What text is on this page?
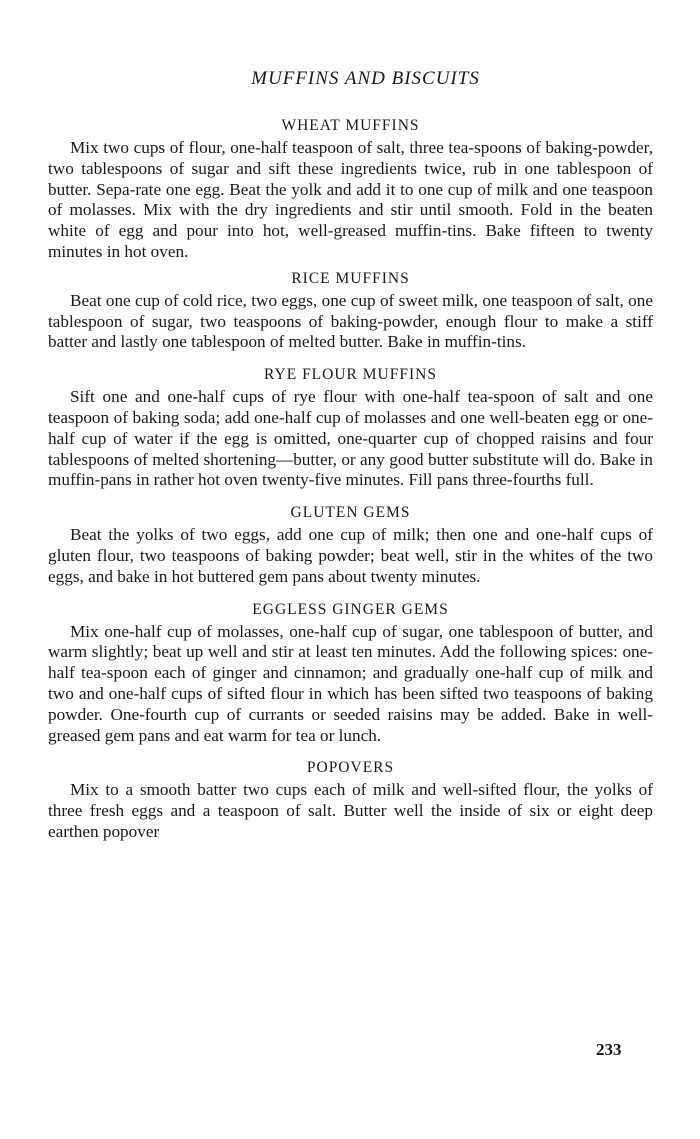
MUFFINS AND BISCUITS
WHEAT MUFFINS

Mix two cups of flour, one-half teaspoon of salt, three tea-spoons of baking-powder, two tablespoons of sugar and sift these ingredients twice, rub in one tablespoon of butter. Sepa-rate one egg. Beat the yolk and add it to one cup of milk and one teaspoon of molasses. Mix with the dry ingredients and stir until smooth. Fold in the beaten white of egg and pour into hot, well-greased muffin-tins. Bake fifteen to twenty minutes in hot oven.

RICE MUFFINS

Beat one cup of cold rice, two eggs, one cup of sweet milk, one teaspoon of salt, one tablespoon of sugar, two teaspoons of baking-powder, enough flour to make a stiff batter and lastly one tablespoon of melted butter. Bake in muffin-tins.

RYE FLOUR MUFFINS

Sift one and one-half cups of rye flour with one-half tea-spoon of salt and one teaspoon of baking soda; add one-half cup of molasses and one well-beaten egg or one-half cup of water if the egg is omitted, one-quarter cup of chopped raisins and four tablespoons of melted shortening—butter, or any good butter substitute will do. Bake in muffin-pans in rather hot oven twenty-five minutes. Fill pans three-fourths full.

GLUTEN GEMS

Beat the yolks of two eggs, add one cup of milk; then one and one-half cups of gluten flour, two teaspoons of baking powder; beat well, stir in the whites of the two eggs, and bake in hot buttered gem pans about twenty minutes.

EGGLESS GINGER GEMS

Mix one-half cup of molasses, one-half cup of sugar, one tablespoon of butter, and warm slightly; beat up well and stir at least ten minutes. Add the following spices: one-half tea-spoon each of ginger and cinnamon; and gradually one-half cup of milk and two and one-half cups of sifted flour in which has been sifted two teaspoons of baking powder. One-fourth cup of currants or seeded raisins may be added. Bake in well-greased gem pans and eat warm for tea or lunch.

POPOVERS

Mix to a smooth batter two cups each of milk and well-sifted flour, the yolks of three fresh eggs and a teaspoon of salt. Butter well the inside of six or eight deep earthen popover

233
